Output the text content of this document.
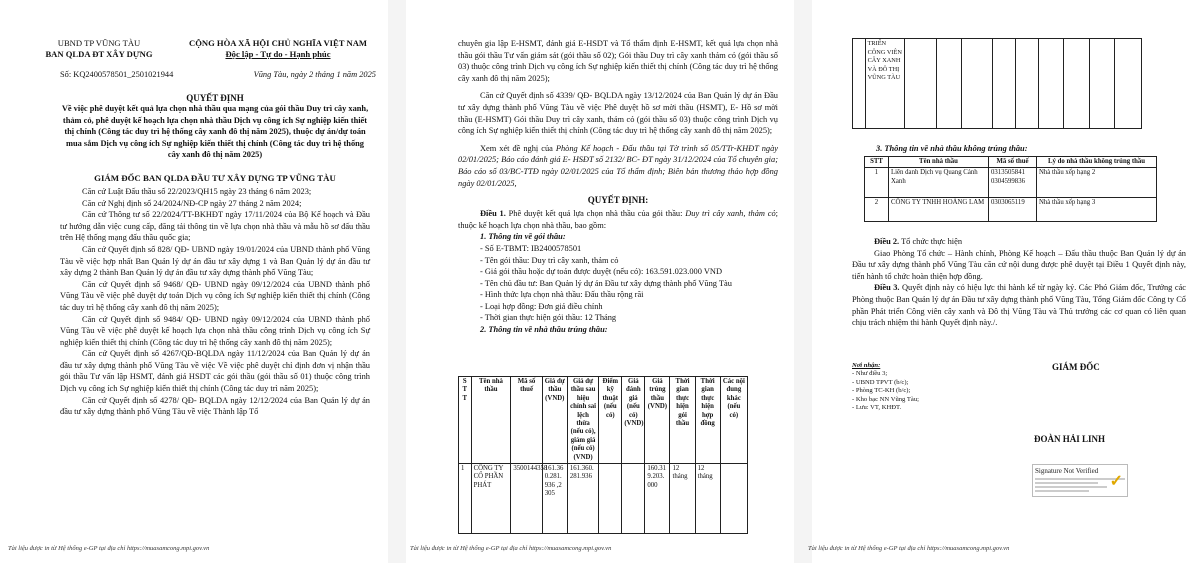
UBND TP VŨNG TÀU

BAN QLDA ĐT XÂY DỰNG

CỘNG HÒA XÃ HỘI CHỦ NGHĨA VIỆT NAM

Độc lập - Tự do - Hạnh phúc

Số: KQ2400578501_2501021944	Vũng Tàu, ngày 2 tháng 1 năm 2025

QUYẾT ĐỊNH

Về việc phê duyệt kết quả lựa chọn nhà thầu qua mạng của gói thầu Duy trì cây xanh, thảm cỏ, phê duyệt kế hoạch lựa chọn nhà thầu Dịch vụ công ích Sự nghiệp kiến thiết thị chính (Công tác duy trì hệ thống cây xanh đô thị năm 2025), thuộc dự án/dự toán mua sắm Dịch vụ công ích Sự nghiệp kiến thiết thị chính (Công tác duy trì hệ thống cây xanh đô thị năm 2025)

GIÁM ĐỐC BAN QLDA ĐẦU TƯ XÂY DỰNG TP VŨNG TÀU

Căn cứ Luật Đấu thầu số 22/2023/QH15 ngày 23 tháng 6 năm 2023;

Căn cứ Nghị định số 24/2024/NĐ-CP ngày 27 tháng 2 năm 2024;

Căn cứ Thông tư số 22/2024/TT-BKHĐT ngày 17/11/2024 của Bộ Kế hoạch và Đầu tư hướng dẫn việc cung cấp, đăng tải thông tin về lựa chọn nhà thầu và mẫu hồ sơ đấu thầu trên Hệ thống mạng đấu thầu quốc gia;

Căn cứ Quyết định số 828/ QĐ- UBND ngày 19/01/2024 của UBND thành phố Vũng Tàu về việc hợp nhất Ban Quản lý dự án đầu tư xây dựng 1 và Ban Quản lý dự án đầu tư xây dựng 2 thành Ban Quản lý dự án đầu tư xây dựng thành phố Vũng Tàu;

Căn cứ Quyết định số 9468/ QĐ- UBND ngày 09/12/2024 của UBND thành phố Vũng Tàu về việc phê duyệt dự toán Dịch vụ công ích Sự nghiệp kiến thiết thị chính (Công tác duy trì hệ thống cây xanh đô thị năm 2025);

Căn cứ Quyết định số 9484/ QĐ- UBND ngày 09/12/2024 của UBND thành phố Vũng Tàu về việc phê duyệt kế hoạch lựa chọn nhà thầu công trình Dịch vụ công ích Sự nghiệp kiến thiết thị chính (Công tác duy trì hệ thống cây xanh đô thị năm 2025);

Căn cứ Quyết định số 4267/QĐ-BQLDA ngày 11/12/2024 của Ban Quản lý dự án đầu tư xây dựng thành phố Vũng Tàu về việc Về việc phê duyệt chỉ định đơn vị nhận thầu gói thầu Tư vấn lập HSMT, đánh giá HSDT các gói thầu (gói thầu số 01) thuộc công trình Dịch vụ công ích Sự nghiệp kiến thiết thị chính (Công tác duy trì năm 2025);

Căn cứ Quyết định số 4278/ QĐ- BQLDA ngày 12/12/2024 của Ban Quản lý dự án đầu tư xây dựng thành phố Vũng Tàu về việc Thành lập Tổ

chuyên gia lập E-HSMT, đánh giá E-HSDT và Tổ thẩm định E-HSMT, kết quả lựa chọn nhà thầu gói thầu Tư vấn giám sát (gói thầu số 02); Gói thầu Duy trì cây xanh thảm cỏ (gói thầu số 03) thuộc công trình Dịch vụ công ích Sự nghiệp kiến thiết thị chính (Công tác duy trì hệ thống cây xanh đô thị năm 2025);

Căn cứ Quyết định số 4339/ QĐ- BQLDA ngày 13/12/2024 của Ban Quản lý dự án Đầu tư xây dựng thành phố Vũng Tàu về việc Phê duyệt hồ sơ mời thầu (HSMT), E- Hồ sơ mời thầu (E-HSMT) Gói thầu Duy trì cây xanh, thảm cỏ (gói thầu số 03) thuộc công trình Dịch vụ công ích Sự nghiệp kiến thiết thị chính (Công tác duy trì hệ thống cây xanh đô thị năm 2025);

Xem xét đề nghị của Phòng Kế hoạch - Đấu thầu tại Tờ trình số 05/TTr-KHĐT ngày 02/01/2025; Báo cáo đánh giá E- HSĐT số 2132/ BC- ĐT ngày 31/12/2024 của Tổ chuyên gia; Báo cáo số 03/BC-TTĐ ngày 02/01/2025 của Tổ thẩm định; Biên bản thương thảo hợp đồng ngày 02/01/2025,

QUYẾT ĐỊNH:

Điều 1. Phê duyệt kết quả lựa chọn nhà thầu của gói thầu: Duy trì cây xanh, thảm cỏ; thuộc kế hoạch lựa chọn nhà thầu, bao gồm:

1. Thông tin về gói thầu:

- Số E-TBMT: IB2400578501

- Tên gói thầu: Duy trì cây xanh, thảm cỏ

- Giá gói thầu hoặc dự toán được duyệt (nếu có): 163.591.023.000 VND

- Tên chủ đầu tư: Ban Quản lý dự án Đầu tư xây dựng thành phố Vũng Tàu

- Hình thức lựa chọn nhà thầu: Đấu thầu rộng rãi

- Loại hợp đồng: Đơn giá điều chỉnh

- Thời gian thực hiện gói thầu: 12 Tháng

2. Thông tin về nhà thầu trúng thầu:

S T T	Tên nhà thầu	Mã số thuế	Giá dự thầu (VND)	Giá dự thầu sau hiệu chỉnh sai lệch thừa (nếu có), giảm giá (nếu có) (VND)	Điểm kỹ thuật (nếu có)	Giá đánh giá (nếu có) (VND)	Giá trúng thầu (VND)	Thời gian thực hiện gói thầu	Thời gian thực hiện hợp đồng	Các nội dung khác (nếu có)
1	CÔNG TY CỔ PHẦN PHÁT	3500144358	161.360.281.936 ,2305	161.360.281.936			160.319.203.000	12 tháng	12 tháng	
	TRIỂN CÔNG VIÊN CÂY XANH VÀ ĐÔ THỊ VŨNG TÀU									

3. Thông tin về nhà thầu không trúng thầu:

STT	Tên nhà thầu	Mã số thuế	Lý do nhà thầu không trúng thầu
1	Liên danh Dịch vụ Quang Cảnh Xanh	0313505841 0304599836	Nhà thầu xếp hạng 2
2	CÔNG TY TNHH HOÀNG LAM	0303065119	Nhà thầu xếp hạng 3

Điều 2. Tổ chức thực hiện

Giao Phòng Tổ chức – Hành chính, Phòng Kế hoạch – Đấu thầu thuộc Ban Quản lý dự án Đầu tư xây dựng thành phố Vũng Tàu căn cứ nội dung được phê duyệt tại Điều 1 Quyết định này, tiến hành tổ chức hoàn thiện hợp đồng.

Điều 3. Quyết định này có hiệu lực thi hành kể từ ngày ký. Các Phó Giám đốc, Trưởng các Phòng thuộc Ban Quản lý dự án Đầu tư xây dựng thành phố Vũng Tàu, Tổng Giám đốc Công ty Cổ phần Phát triển Công viên cây xanh và Đô thị Vũng Tàu và Thủ trưởng các cơ quan có liên quan chịu trách nhiệm thi hành Quyết định này./.

Nơi nhận:

- Như điều 3;

- UBND TPVT (b/c);

- Phòng TC-KH (b/c);

- Kho bạc NN Vũng Tàu;

- Lưu: VT, KHĐT.

GIÁM ĐỐC

ĐOÀN HẢI LINH

Signature Not Verified

✓
Tài liệu được in từ Hệ thống e-GP tại địa chỉ https://muasamcong.mpi.gov.vn	Tài liệu được in từ Hệ thống e-GP tại địa chỉ https://muasamcong.mpi.gov.vn	Tài liệu được in từ Hệ thống e-GP tại địa chỉ https://muasamcong.mpi.gov.vn
